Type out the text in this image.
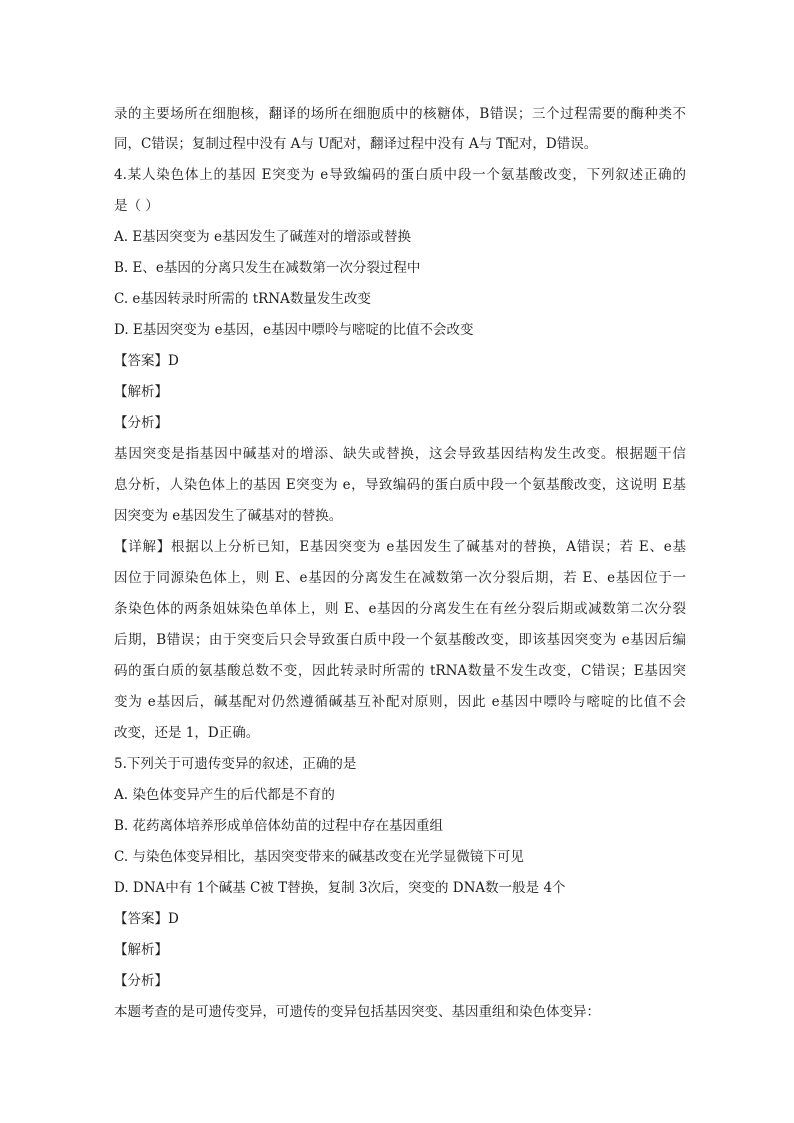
录的主要场所在细胞核，翻译的场所在细胞质中的核糖体，B错误；三个过程需要的酶种类不
同，C错误；复制过程中没有 A与 U配对，翻译过程中没有 A与 T配对，D错误。
4.某人染色体上的基因 E突变为 e导致编码的蛋白质中段一个氨基酸改变，下列叙述正确的
是（ ）
A. E基因突变为 e基因发生了碱莲对的增添或替换
B. E、e基因的分离只发生在减数第一次分裂过程中
C. e基因转录时所需的 tRNA数量发生改变
D. E基因突变为 e基因，e基因中嘌呤与嘧啶的比值不会改变
【答案】D
【解析】
【分析】
基因突变是指基因中碱基对的增添、缺失或替换，这会导致基因结构发生改变。根据题干信
息分析，人染色体上的基因 E突变为 e，导致编码的蛋白质中段一个氨基酸改变，这说明 E基
因突变为 e基因发生了碱基对的替换。
【详解】根据以上分析已知，E基因突变为 e基因发生了碱基对的替换，A错误；若 E、e基
因位于同源染色体上，则 E、e基因的分离发生在减数第一次分裂后期，若 E、e基因位于一
条染色体的两条姐妹染色单体上，则 E、e基因的分离发生在有丝分裂后期或减数第二次分裂
后期，B错误；由于突变后只会导致蛋白质中段一个氨基酸改变，即该基因突变为 e基因后编
码的蛋白质的氨基酸总数不变，因此转录时所需的 tRNA数量不发生改变，C错误；E基因突
变为 e基因后，碱基配对仍然遵循碱基互补配对原则，因此 e基因中嘌呤与嘧啶的比值不会
改变，还是 1，D正确。
5.下列关于可遗传变异的叙述，正确的是
A. 染色体变异产生的后代都是不育的
B. 花药离体培养形成单倍体幼苗的过程中存在基因重组
C. 与染色体变异相比，基因突变带来的碱基改变在光学显微镜下可见
D. DNA中有 1个碱基 C被 T替换，复制 3次后，突变的 DNA数一般是 4个
【答案】D
【解析】
【分析】
本题考查的是可遗传变异，可遗传的变异包括基因突变、基因重组和染色体变异：
